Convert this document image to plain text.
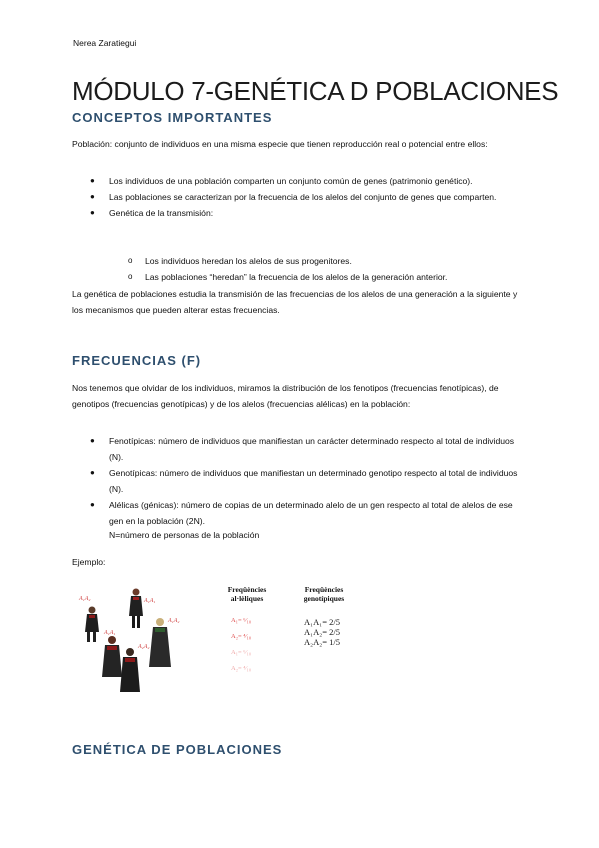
Nerea Zaratiegui
MÓDULO 7-GENÉTICA D POBLACIONES
CONCEPTOS IMPORTANTES

Población: conjunto de individuos en una misma especie que tienen reproducción real o potencial entre ellos:

● Los individuos de una población comparten un conjunto común de genes (patrimonio genético).
● Las poblaciones se caracterizan por la frecuencia de los alelos del conjunto de genes que comparten.
● Genética de la transmisión:
o Los individuos heredan los alelos de sus progenitores.
o Las poblaciones “heredan” la frecuencia de los alelos de la generación anterior.

La genética de poblaciones estudia la transmisión de las frecuencias de los alelos de una generación a la siguiente y los mecanismos que pueden alterar estas frecuencias.

FRECUENCIAS (F)

Nos tenemos que olvidar de los individuos, miramos la distribución de los fenotipos (frecuencias fenotípicas), de genotipos (frecuencias genotípicas) y de los alelos (frecuencias alélicas) en la población:

● Fenotípicas: número de individuos que manifiestan un carácter determinado respecto al total de individuos (N).
● Genotípicas: número de individuos que manifiestan un determinado genotipo respecto al total de individuos (N).
● Alélicas (génicas): número de copias de un determinado alelo de un gen respecto al total de alelos de ese gen en la población (2N).
N=número de personas de la población
Ejemplo:
A₁A₂	A₁A₁
A₁A₂
A₁A₁
A₂A₂
Freqüències
al·lèliques
A₁= ⁶⁄₁₀
A₂= ⁴⁄₁₀
A₁= ⁶⁄₁₀
A₂= ⁴⁄₁₀
Freqüències
genotípiques
A₁A₁= 2/5
A₁A₂= 2/5
A₂A₂= 1/5
GENÉTICA DE POBLACIONES
